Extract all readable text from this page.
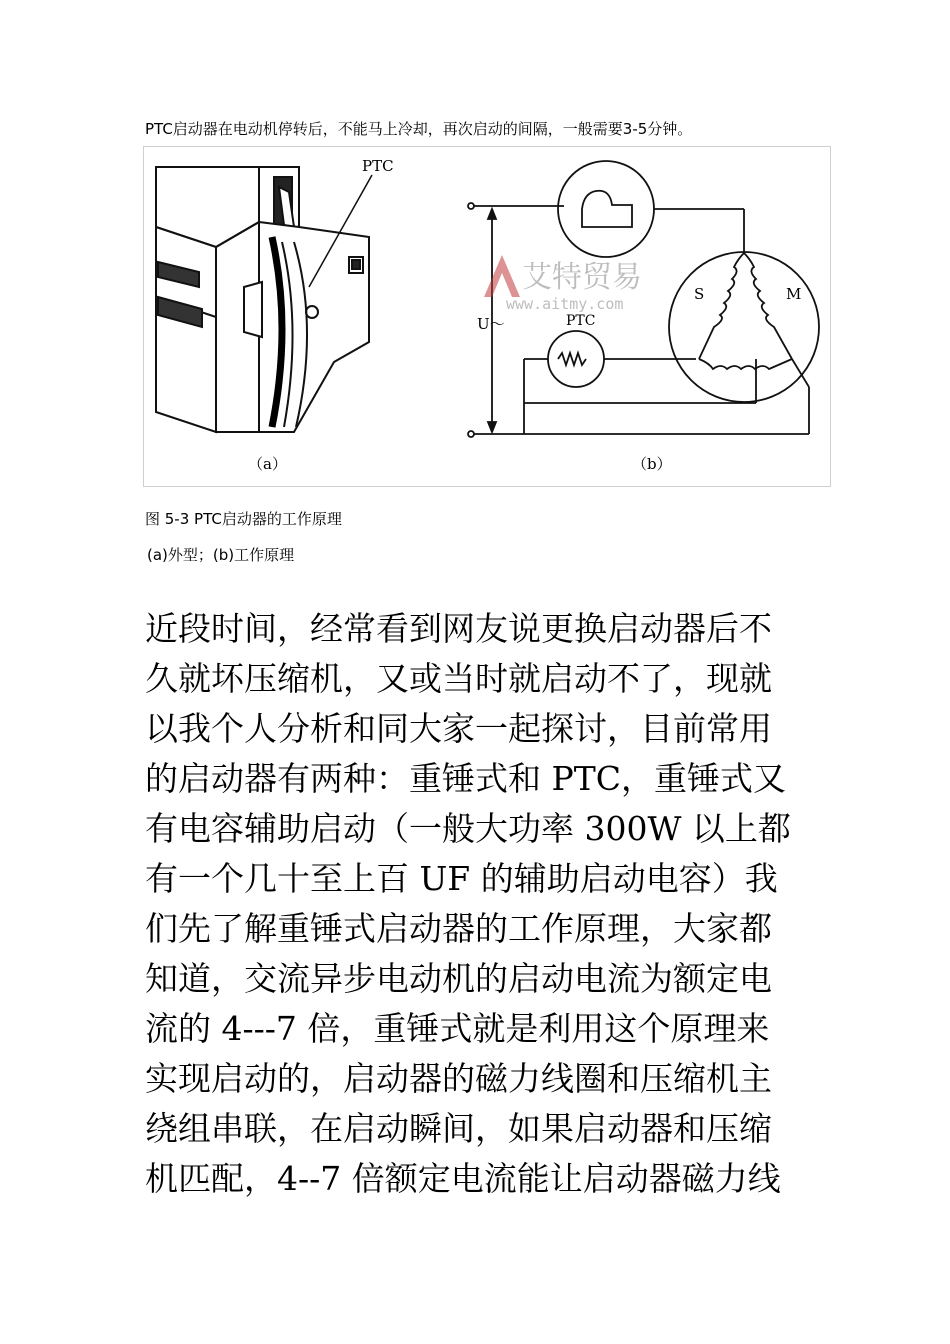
PTC启动器在电动机停转后，不能马上冷却，再次启动的间隔，一般需要3-5分钟。
PTC
（a）
PTC
S	M
U～
（b）
艾特贸易
www.aitmy.com
图 5-3 PTC启动器的工作原理
(a)外型；(b)工作原理
近段时间，经常看到网友说更换启动器后不
久就坏压缩机，又或当时就启动不了，现就
以我个人分析和同大家一起探讨，目前常用
的启动器有两种：重锤式和 PTC，重锤式又
有电容辅助启动（一般大功率 300W 以上都
有一个几十至上百 UF 的辅助启动电容）我
们先了解重锤式启动器的工作原理，大家都
知道，交流异步电动机的启动电流为额定电
流的 4---7 倍，重锤式就是利用这个原理来
实现启动的，启动器的磁力线圈和压缩机主
绕组串联，在启动瞬间，如果启动器和压缩
机匹配，4--7 倍额定电流能让启动器磁力线
